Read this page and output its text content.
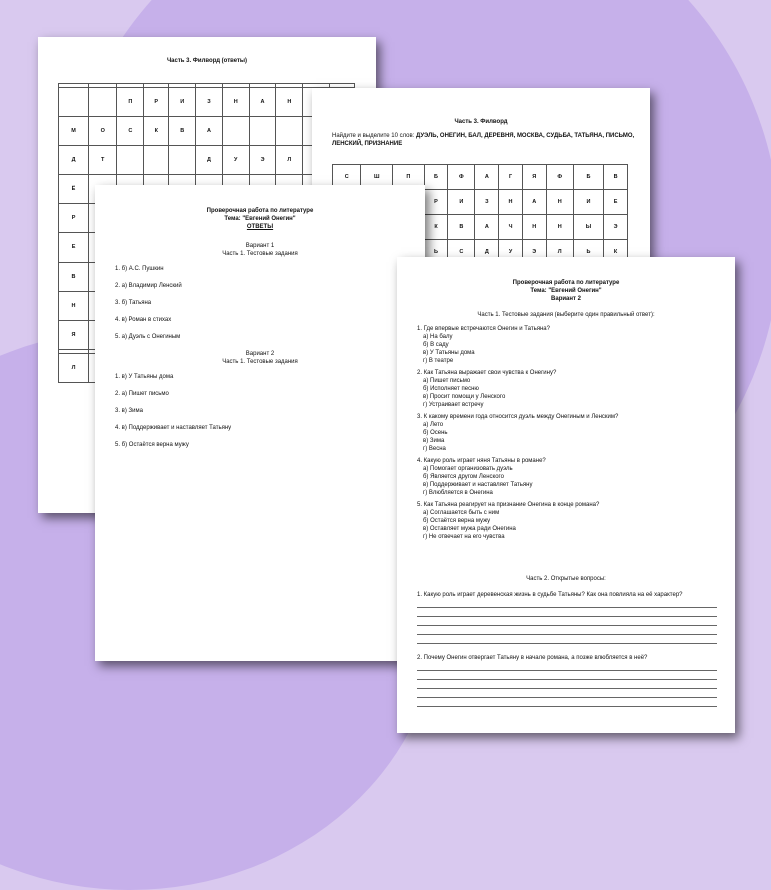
Часть 3. Филворд (ответы)

		П	Р	И	З	Н	А	Н		
М	О	С	К	В	А					
Д	Т				Д	У	Э	Л		
Ё										
Р										
Е										
В										
Н										
Я										

Л										
Часть 3. Филворд
Найдите и выделите 10 слов: ДУЭЛЬ, ОНЕГИН, БАЛ, ДЕРЕВНЯ, МОСКВА, СУДЬБА, ТАТЬЯНА, ПИСЬМО, ЛЕНСКИЙ, ПРИЗНАНИЕ
С	Ш	П	Б	Ф	А	Г	Я	Ф	Б	В
			Р	И	З	Н	А	Н	И	Е
			К	В	А	Ч	Н	Н	Ы	Э
			Ь	С	Д	У	Э	Л	Ь	К

Проверочная работа по литературе
Тема: "Евгений Онегин"
ОТВЕТЫ
Вариант 1
Часть 1. Тестовые задания
1. б) А.С. Пушкин
2. а) Владимир Ленский
3. б) Татьяна
4. в) Роман в стихах
5. а) Дуэль с Онегиным
Вариант 2
Часть 1. Тестовые задания
1. в) У Татьяны дома
2. а) Пишет письмо
3. в) Зима
4. в) Поддерживает и наставляет Татьяну
5. б) Остаётся верна мужу
Проверочная работа по литературе
Тема: "Евгений Онегин"
Вариант 2
Часть 1. Тестовые задания (выберите один правильный ответ):
1. Где впервые встречаются Онегин и Татьяна?
а) На балу
б) В саду
в) У Татьяны дома
г) В театре
2. Как Татьяна выражает свои чувства к Онегину?
а) Пишет письмо
б) Исполняет песню
в) Просит помощи у Ленского
г) Устраивает встречу
3. К какому времени года относится дуэль между Онегиным и Ленским?
а) Лето
б) Осень
в) Зима
г) Весна
4. Какую роль играет няня Татьяны в романе?
а) Помогает организовать дуэль
б) Является другом Ленского
в) Поддерживает и наставляет Татьяну
г) Влюбляется в Онегина
5. Как Татьяна реагирует на признание Онегина в конце романа?
а) Соглашается быть с ним
б) Остаётся верна мужу
в) Оставляет мужа ради Онегина
г) Не отвечает на его чувства
Часть 2. Открытые вопросы:
1. Какую роль играет деревенская жизнь в судьбе Татьяны? Как она повлияла на её характер?
2. Почему Онегин отвергает Татьяну в начале романа, а позже влюбляется в неё?
